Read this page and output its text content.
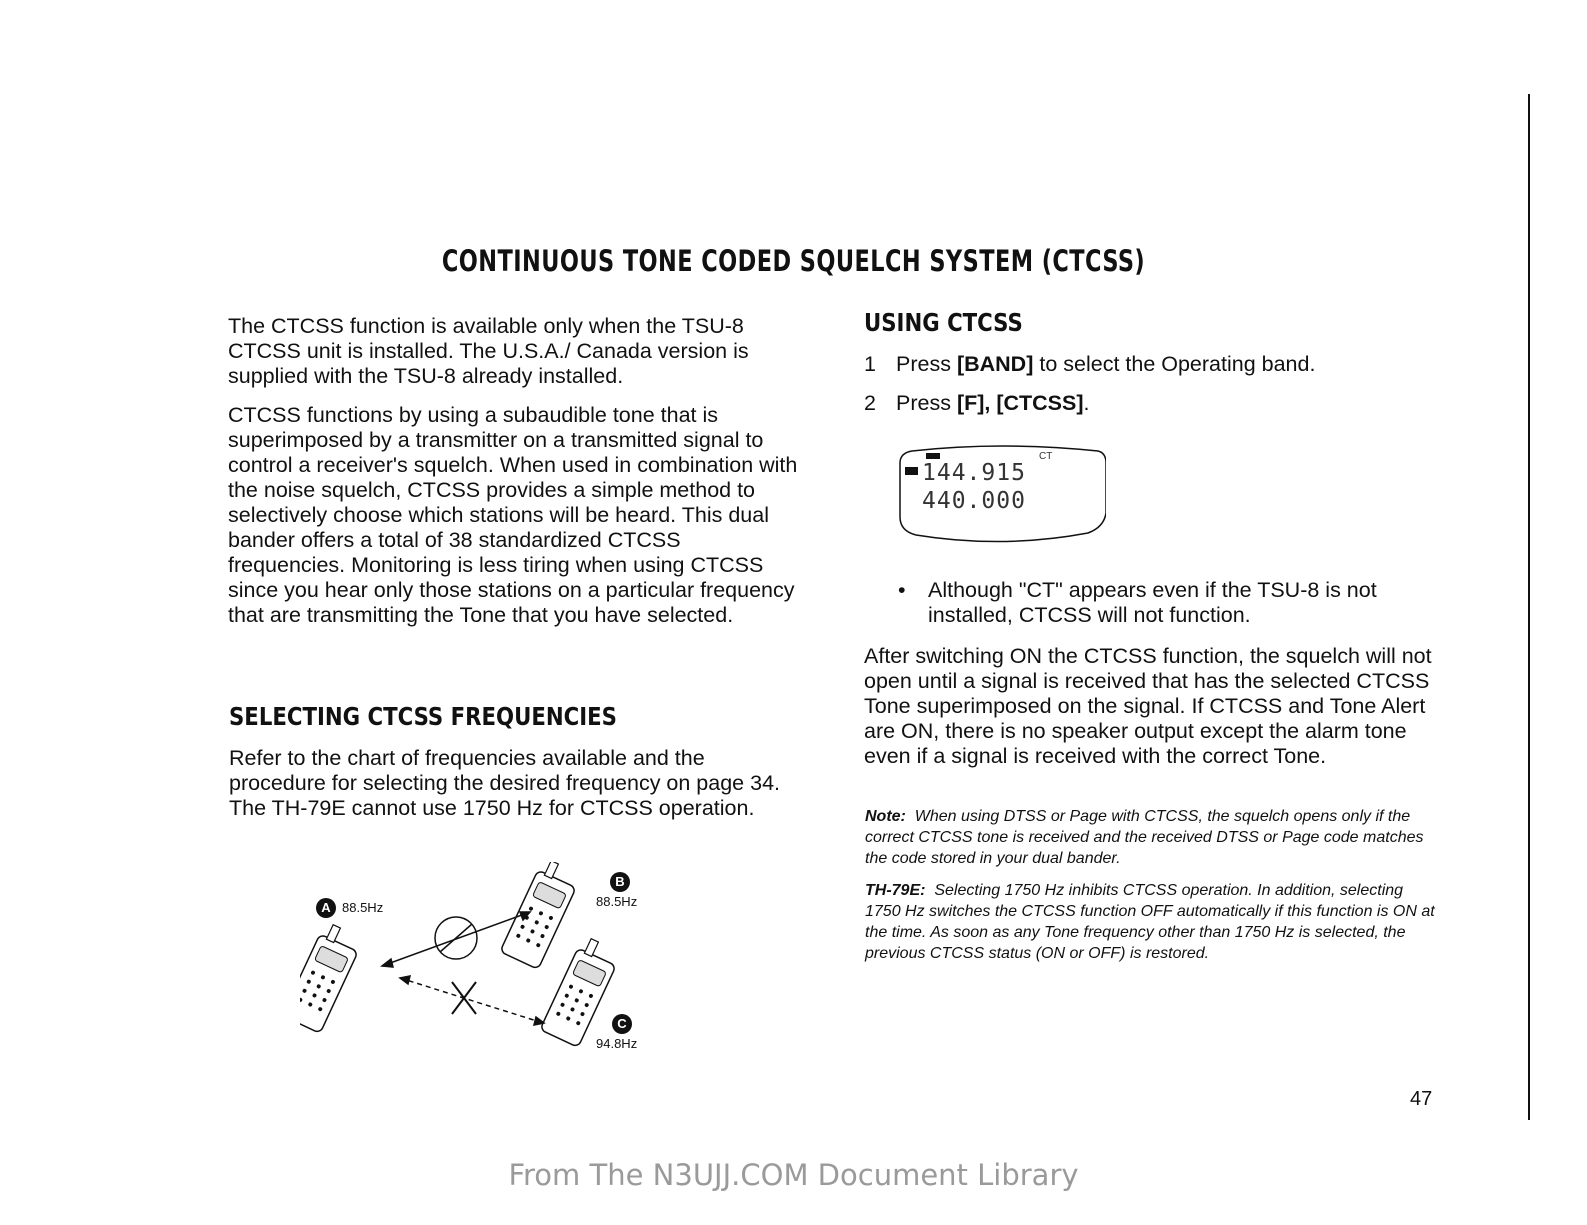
CONTINUOUS TONE CODED SQUELCH SYSTEM (CTCSS)
The CTCSS function is available only when the TSU-8 CTCSS unit is installed. The U.S.A./ Canada version is supplied with the TSU-8 already installed.
CTCSS functions by using a subaudible tone that is superimposed by a transmitter on a transmitted signal to control a receiver's squelch. When used in combination with the noise squelch, CTCSS provides a simple method to selectively choose which stations will be heard. This dual bander offers a total of 38 standardized CTCSS frequencies. Monitoring is less tiring when using CTCSS since you hear only those stations on a particular frequency that are transmitting the Tone that you have selected.
SELECTING CTCSS FREQUENCIES
Refer to the chart of frequencies available and the procedure for selecting the desired frequency on page 34. The TH-79E cannot use 1750 Hz for CTCSS operation.
A 88.5Hz
B
88.5Hz
C
94.8Hz
USING CTCSS
1 Press [BAND] to select the Operating band.
2 Press [F], [CTCSS].
CT
144.915
440.000
•	Although "CT" appears even if the TSU-8 is not installed, CTCSS will not function.
After switching ON the CTCSS function, the squelch will not open until a signal is received that has the selected CTCSS Tone superimposed on the signal. If CTCSS and Tone Alert are ON, there is no speaker output except the alarm tone even if a signal is received with the correct Tone.
Note: When using DTSS or Page with CTCSS, the squelch opens only if the correct CTCSS tone is received and the received DTSS or Page code matches the code stored in your dual bander.
TH-79E: Selecting 1750 Hz inhibits CTCSS operation. In addition, selecting 1750 Hz switches the CTCSS function OFF automatically if this function is ON at the time. As soon as any Tone frequency other than 1750 Hz is selected, the previous CTCSS status (ON or OFF) is restored.
47
From The N3UJJ.COM Document Library
